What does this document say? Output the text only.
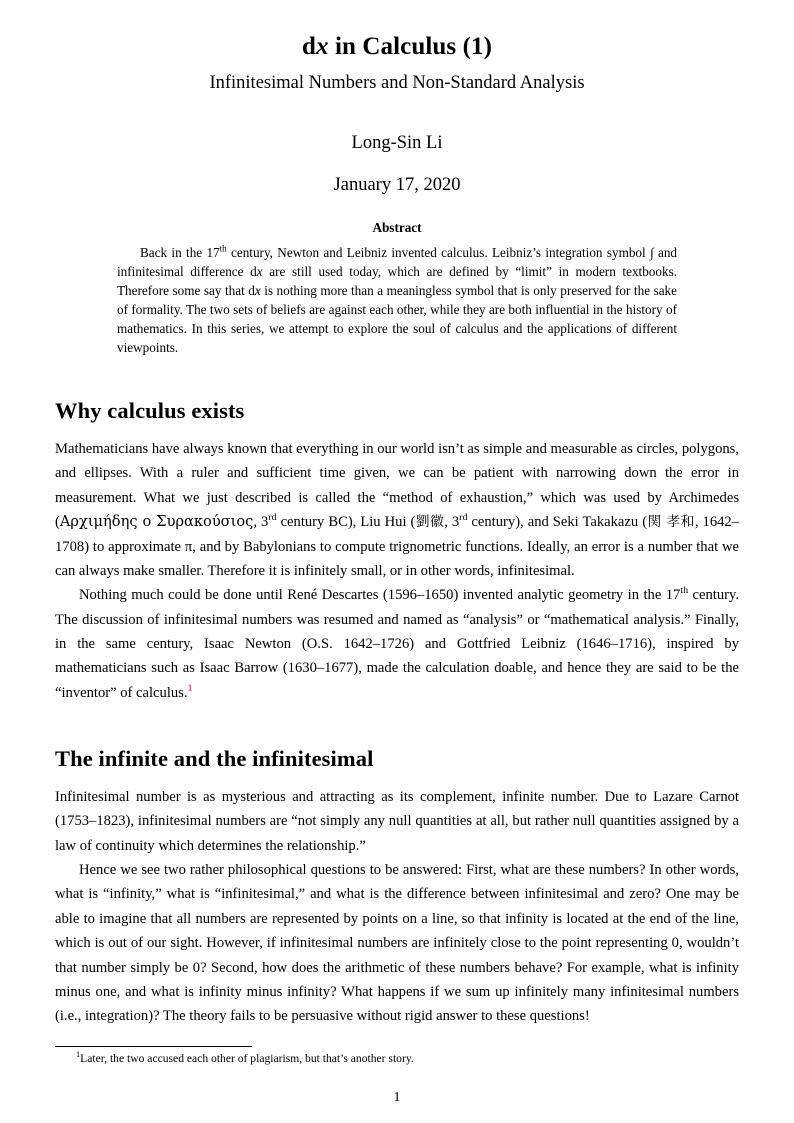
dx in Calculus (1)
Infinitesimal Numbers and Non-Standard Analysis
Long-Sin Li
January 17, 2020
Abstract

Back in the 17th century, Newton and Leibniz invented calculus. Leibniz’s integration symbol ∫ and infinitesimal difference dx are still used today, which are defined by “limit” in modern textbooks. Therefore some say that dx is nothing more than a meaningless symbol that is only preserved for the sake of formality. The two sets of beliefs are against each other, while they are both influential in the history of mathematics. In this series, we attempt to explore the soul of calculus and the applications of different viewpoints.

Why calculus exists

Mathematicians have always known that everything in our world isn’t as simple and measurable as circles, polygons, and ellipses. With a ruler and sufficient time given, we can be patient with narrowing down the error in measurement. What we just described is called the “method of exhaustion,” which was used by Archimedes (Αρχιμήδης ο Συρακούσιος, 3rd century BC), Liu Hui (劉徽, 3rd century), and Seki Takakazu (関 孝和, 1642–1708) to approximate π, and by Babylonians to compute trignometric functions. Ideally, an error is a number that we can always make smaller. Therefore it is infinitely small, or in other words, infinitesimal.

Nothing much could be done until René Descartes (1596–1650) invented analytic geometry in the 17th century. The discussion of infinitesimal numbers was resumed and named as “analysis” or “mathematical analysis.” Finally, in the same century, Isaac Newton (O.S. 1642–1726) and Gottfried Leibniz (1646–1716), inspired by mathematicians such as Isaac Barrow (1630–1677), made the calculation doable, and hence they are said to be the “inventor” of calculus.$^1$

The infinite and the infinitesimal

Infinitesimal number is as mysterious and attracting as its complement, infinite number. Due to Lazare Carnot (1753–1823), infinitesimal numbers are “not simply any null quantities at all, but rather null quantities assigned by a law of continuity which determines the relationship.”

Hence we see two rather philosophical questions to be answered: First, what are these numbers? In other words, what is “infinity,” what is “infinitesimal,” and what is the difference between infinitesimal and zero? One may be able to imagine that all numbers are represented by points on a line, so that infinity is located at the end of the line, which is out of our sight. However, if infinitesimal numbers are infinitely close to the point representing 0, wouldn’t that number simply be 0? Second, how does the arithmetic of these numbers behave? For example, what is infinity minus one, and what is infinity minus infinity? What happens if we sum up infinitely many infinitesimal numbers (i.e., integration)? The theory fails to be persuasive without rigid answer to these questions!

$^1$Later, the two accused each other of plagiarism, but that’s another story.

1
